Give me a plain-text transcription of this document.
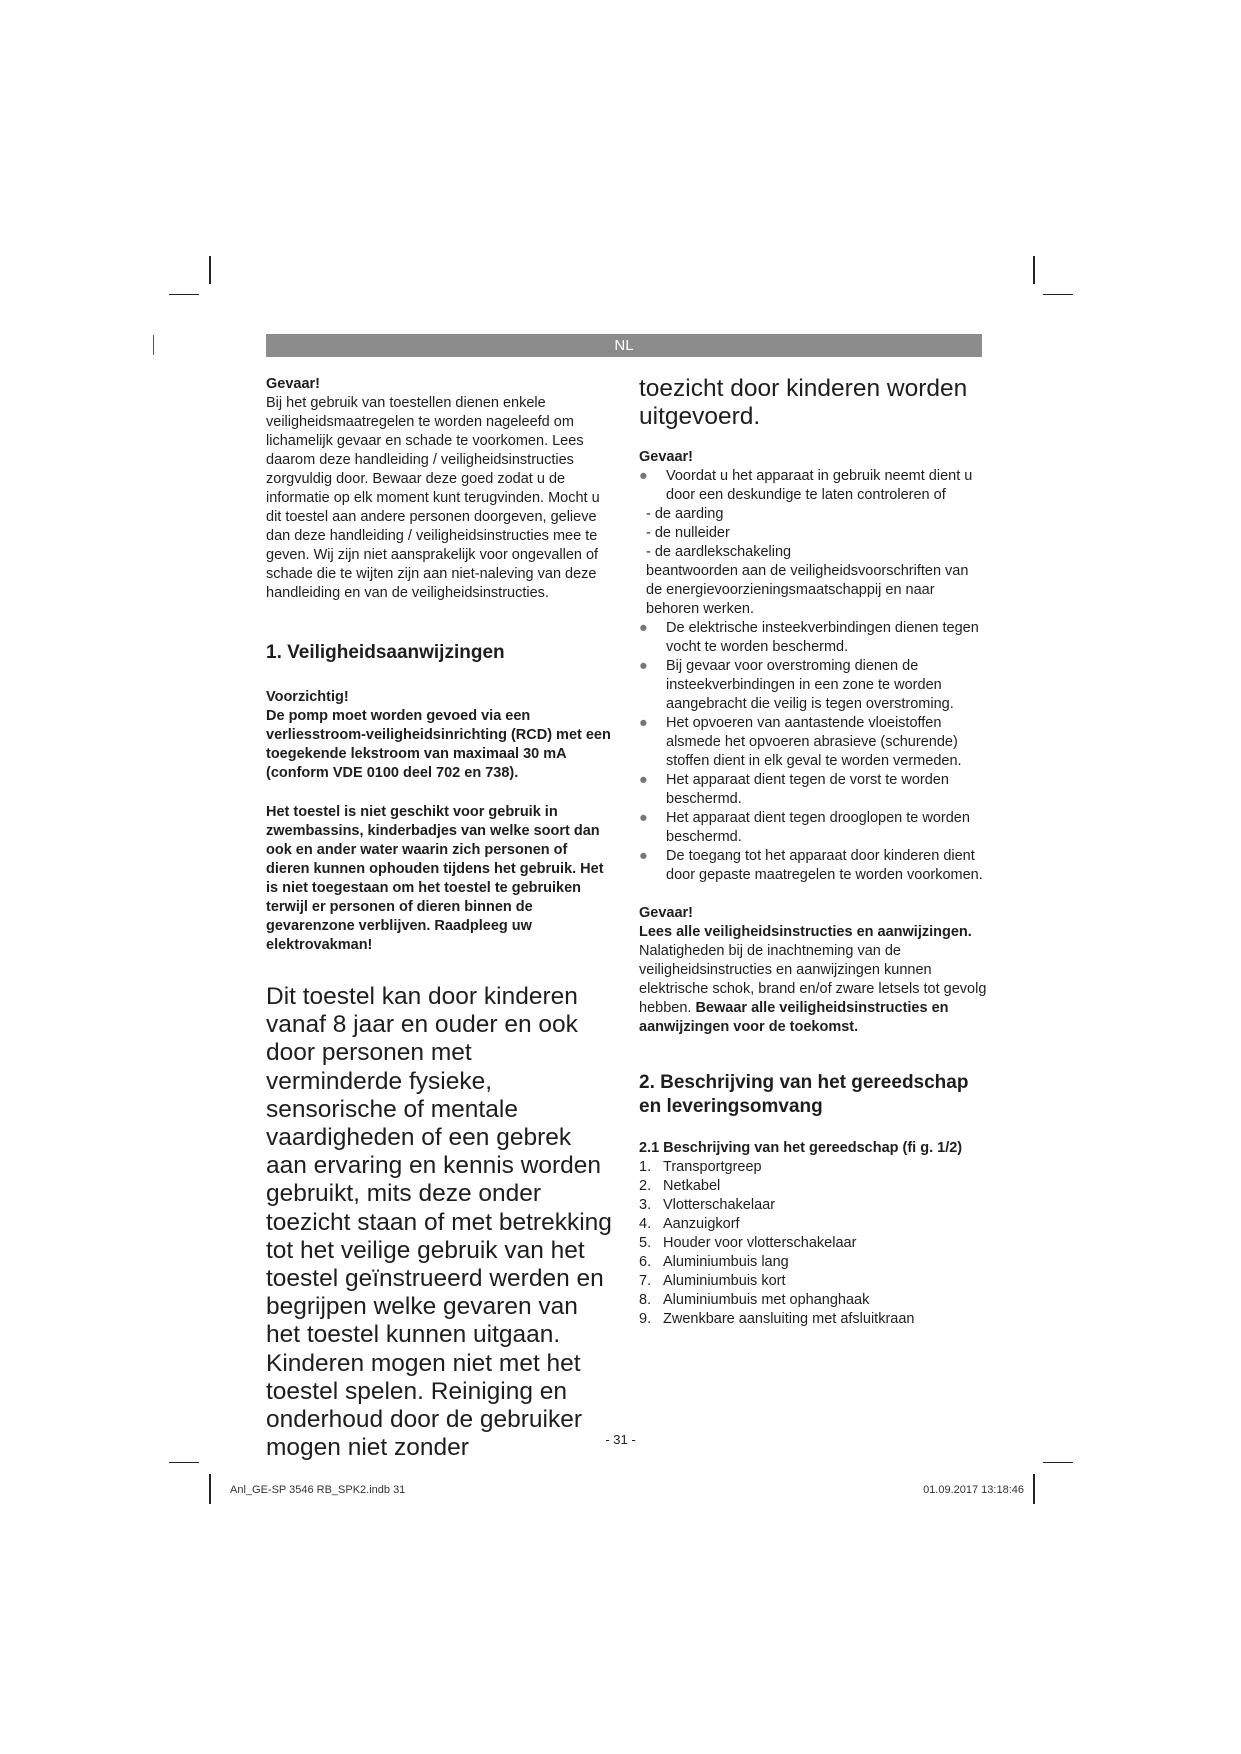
NL

Gevaar!

Bij het gebruik van toestellen dienen enkele veiligheidsmaatregelen te worden nageleefd om lichamelijk gevaar en schade te voorkomen. Lees daarom deze handleiding / veiligheidsinstructies zorgvuldig door. Bewaar deze goed zodat u de informatie op elk moment kunt terugvinden. Mocht u dit toestel aan andere personen doorgeven, gelieve dan deze handleiding / veiligheidsinstructies mee te geven. Wij zijn niet aansprakelijk voor ongevallen of schade die te wijten zijn aan niet-naleving van deze handleiding en van de veiligheidsinstructies.

1. Veiligheidsaanwijzingen

Voorzichtig!

De pomp moet worden gevoed via een verliesstroom-veiligheidsinrichting (RCD) met een toegekende lekstroom van maximaal 30 mA (conform VDE 0100 deel 702 en 738).

Het toestel is niet geschikt voor gebruik in zwembassins, kinderbadjes van welke soort dan ook en ander water waarin zich personen of dieren kunnen ophouden tijdens het gebruik. Het is niet toegestaan om het toestel te gebruiken terwijl er personen of dieren binnen de gevarenzone verblijven. Raadpleeg uw elektrovakman!

Dit toestel kan door kinderen vanaf 8 jaar en ouder en ook door personen met verminderde fysieke, sensorische of mentale vaardigheden of een gebrek aan ervaring en kennis worden gebruikt, mits deze onder toezicht staan of met betrekking tot het veilige gebruik van het toestel geïnstrueerd werden en begrijpen welke gevaren van het toestel kunnen uitgaan. Kinderen mogen niet met het toestel spelen. Reiniging en onderhoud door de gebruiker mogen niet zonder

toezicht door kinderen worden uitgevoerd.

Gevaar!

● Voordat u het apparaat in gebruik neemt dient u door een deskundige te laten controleren of
- de aarding
- de nulleider
- de aardlekschakeling

beantwoorden aan de veiligheidsvoorschriften van de energievoorzieningsmaatschappij en naar behoren werken.

● De elektrische insteekverbindingen dienen tegen vocht te worden beschermd.
● Bij gevaar voor overstroming dienen de insteekverbindingen in een zone te worden aangebracht die veilig is tegen overstroming.
● Het opvoeren van aantastende vloeistoffen alsmede het opvoeren abrasieve (schurende) stoffen dient in elk geval te worden vermeden.
● Het apparaat dient tegen de vorst te worden beschermd.
● Het apparaat dient tegen drooglopen te worden beschermd.
● De toegang tot het apparaat door kinderen dient door gepaste maatregelen te worden voorkomen.

Gevaar!

Lees alle veiligheidsinstructies en aanwijzingen. Nalatigheden bij de inachtneming van de veiligheidsinstructies en aanwijzingen kunnen elektrische schok, brand en/of zware letsels tot gevolg hebben. Bewaar alle veiligheidsinstructies en aanwijzingen voor de toekomst.

2. Beschrijving van het gereedschap en leveringsomvang

2.1 Beschrijving van het gereedschap (fi g. 1/2)

1. Transportgreep
2. Netkabel
3. Vlotterschakelaar
4. Aanzuigkorf
5. Houder voor vlotterschakelaar
6. Aluminiumbuis lang
7. Aluminiumbuis kort
8. Aluminiumbuis met ophanghaak
9. Zwenkbare aansluiting met afsluitkraan
- 31 -
Anl_GE-SP 3546 RB_SPK2.indb 31	01.09.2017 13:18:46
